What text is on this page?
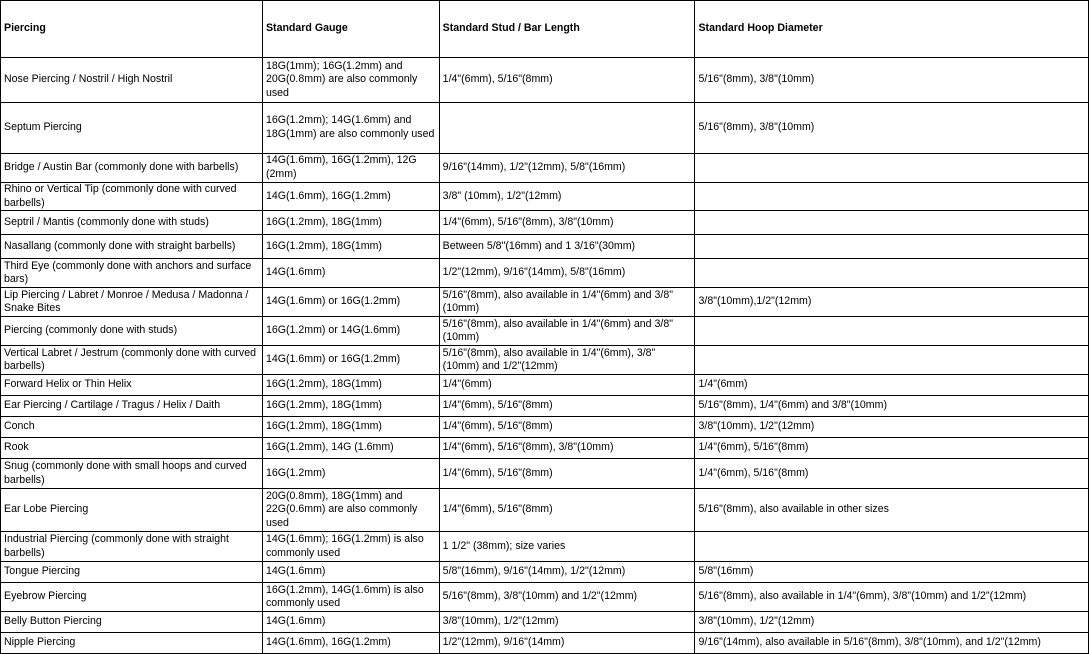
Piercing	Standard Gauge	Standard Stud / Bar Length	Standard Hoop Diameter
Nose Piercing / Nostril / High Nostril	18G(1mm); 16G(1.2mm) and 20G(0.8mm) are also commonly used	1/4"(6mm), 5/16"(8mm)	5/16"(8mm), 3/8"(10mm)
Septum Piercing	16G(1.2mm); 14G(1.6mm) and 18G(1mm) are also commonly used		5/16"(8mm), 3/8"(10mm)
Bridge / Austin Bar (commonly done with barbells)	14G(1.6mm), 16G(1.2mm), 12G (2mm)	9/16"(14mm), 1/2"(12mm), 5/8"(16mm)	
Rhino or Vertical Tip (commonly done with curved barbells)	14G(1.6mm), 16G(1.2mm)	3/8" (10mm), 1/2"(12mm)	
Septril / Mantis (commonly done with studs)	16G(1.2mm), 18G(1mm)	1/4"(6mm), 5/16"(8mm), 3/8"(10mm)	
Nasallang (commonly done with straight barbells)	16G(1.2mm), 18G(1mm)	Between 5/8"(16mm) and 1 3/16"(30mm)	
Third Eye (commonly done with anchors and surface bars)	14G(1.6mm)	1/2"(12mm), 9/16"(14mm), 5/8"(16mm)	
Lip Piercing / Labret / Monroe / Medusa / Madonna / Snake Bites	14G(1.6mm) or 16G(1.2mm)	5/16"(8mm), also available in 1/4"(6mm) and 3/8"(10mm)	3/8"(10mm),1/2"(12mm)
Piercing (commonly done with studs)	16G(1.2mm) or 14G(1.6mm)	5/16"(8mm), also available in 1/4"(6mm) and 3/8"(10mm)	
Vertical Labret / Jestrum (commonly done with curved barbells)	14G(1.6mm) or 16G(1.2mm)	5/16"(8mm), also available in 1/4"(6mm), 3/8"(10mm) and 1/2"(12mm)	
Forward Helix or Thin Helix	16G(1.2mm), 18G(1mm)	1/4"(6mm)	1/4"(6mm)
Ear Piercing / Cartilage / Tragus / Helix / Daith	16G(1.2mm), 18G(1mm)	1/4"(6mm), 5/16"(8mm)	5/16"(8mm), 1/4"(6mm) and 3/8"(10mm)
Conch	16G(1.2mm), 18G(1mm)	1/4"(6mm), 5/16"(8mm)	3/8"(10mm), 1/2"(12mm)
Rook	16G(1.2mm), 14G (1.6mm)	1/4"(6mm), 5/16"(8mm), 3/8"(10mm)	1/4"(6mm), 5/16"(8mm)
Snug (commonly done with small hoops and curved barbells)	16G(1.2mm)	1/4"(6mm), 5/16"(8mm)	1/4"(6mm), 5/16"(8mm)
Ear Lobe Piercing	20G(0.8mm), 18G(1mm) and 22G(0.6mm) are also commonly used	1/4"(6mm), 5/16"(8mm)	5/16"(8mm), also available in other sizes
Industrial Piercing (commonly done with straight barbells)	14G(1.6mm); 16G(1.2mm) is also commonly used	1 1/2" (38mm); size varies	
Tongue Piercing	14G(1.6mm)	5/8"(16mm), 9/16"(14mm), 1/2"(12mm)	5/8"(16mm)
Eyebrow Piercing	16G(1.2mm), 14G(1.6mm) is also commonly used	5/16"(8mm), 3/8"(10mm) and 1/2"(12mm)	5/16"(8mm), also available in 1/4"(6mm), 3/8"(10mm) and 1/2"(12mm)
Belly Button Piercing	14G(1.6mm)	3/8"(10mm), 1/2"(12mm)	3/8"(10mm), 1/2"(12mm)
Nipple Piercing	14G(1.6mm), 16G(1.2mm)	1/2"(12mm), 9/16"(14mm)	9/16"(14mm), also available in 5/16"(8mm), 3/8"(10mm), and 1/2"(12mm)
